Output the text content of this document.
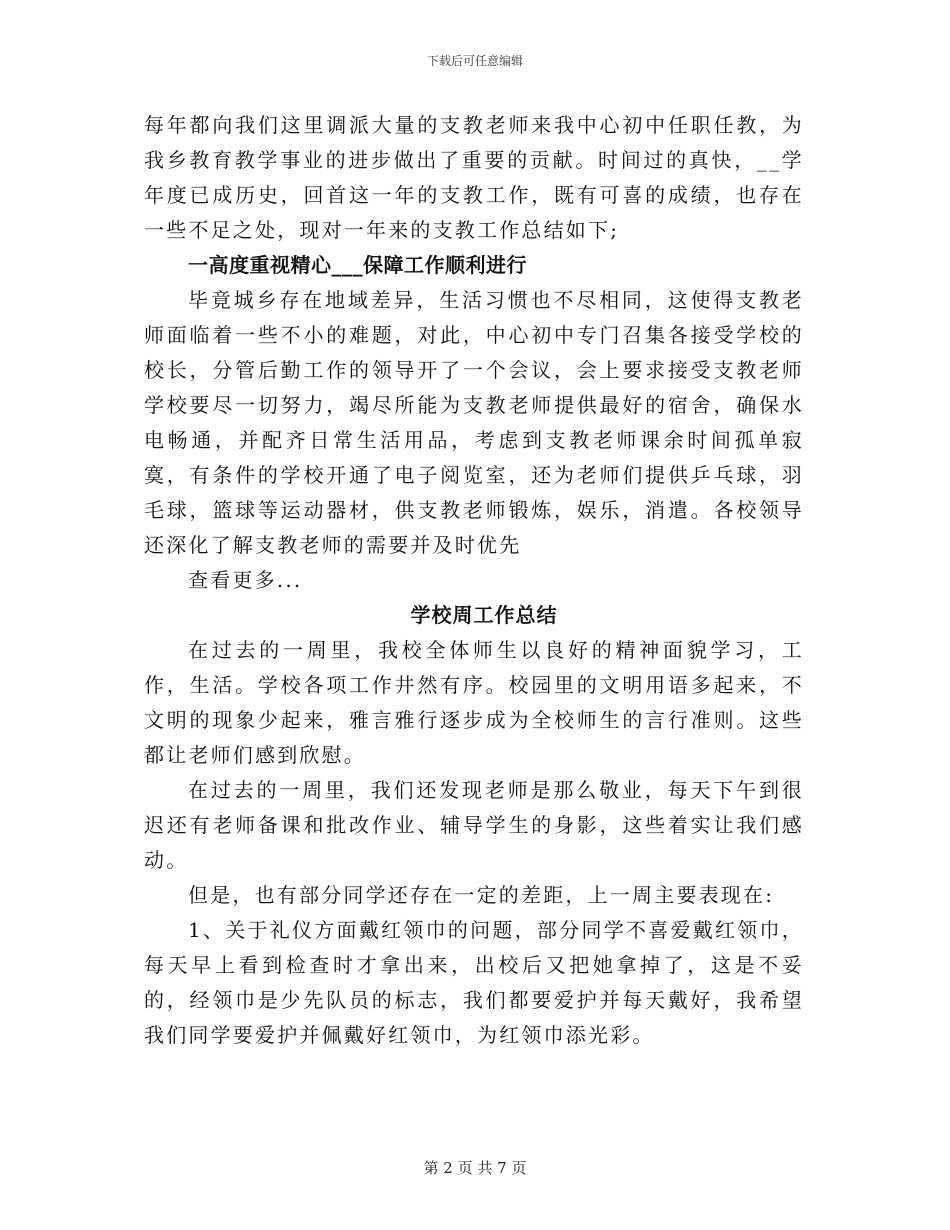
下载后可任意编辑

每年都向我们这里调派大量的支教老师来我中心初中任职任教，为我乡教育教学事业的进步做出了重要的贡献。时间过的真快，__学年度已成历史，回首这一年的支教工作，既有可喜的成绩，也存在一些不足之处，现对一年来的支教工作总结如下;

一高度重视精心___保障工作顺利进行

毕竟城乡存在地域差异，生活习惯也不尽相同，这使得支教老师面临着一些不小的难题，对此，中心初中专门召集各接受学校的校长，分管后勤工作的领导开了一个会议，会上要求接受支教老师学校要尽一切努力，竭尽所能为支教老师提供最好的宿舍，确保水电畅通，并配齐日常生活用品，考虑到支教老师课余时间孤单寂寞，有条件的学校开通了电子阅览室，还为老师们提供乒乓球，羽毛球，篮球等运动器材，供支教老师锻炼，娱乐，消遣。各校领导还深化了解支教老师的需要并及时优先

查看更多...

学校周工作总结

在过去的一周里，我校全体师生以良好的精神面貌学习，工作，生活。学校各项工作井然有序。校园里的文明用语多起来，不文明的现象少起来，雅言雅行逐步成为全校师生的言行准则。这些都让老师们感到欣慰。

在过去的一周里，我们还发现老师是那么敬业，每天下午到很迟还有老师备课和批改作业、辅导学生的身影，这些着实让我们感动。

但是，也有部分同学还存在一定的差距，上一周主要表现在:

1、关于礼仪方面戴红领巾的问题，部分同学不喜爱戴红领巾，每天早上看到检查时才拿出来，出校后又把她拿掉了，这是不妥的，经领巾是少先队员的标志，我们都要爱护并每天戴好，我希望我们同学要爱护并佩戴好红领巾，为红领巾添光彩。

第 2 页 共 7 页
